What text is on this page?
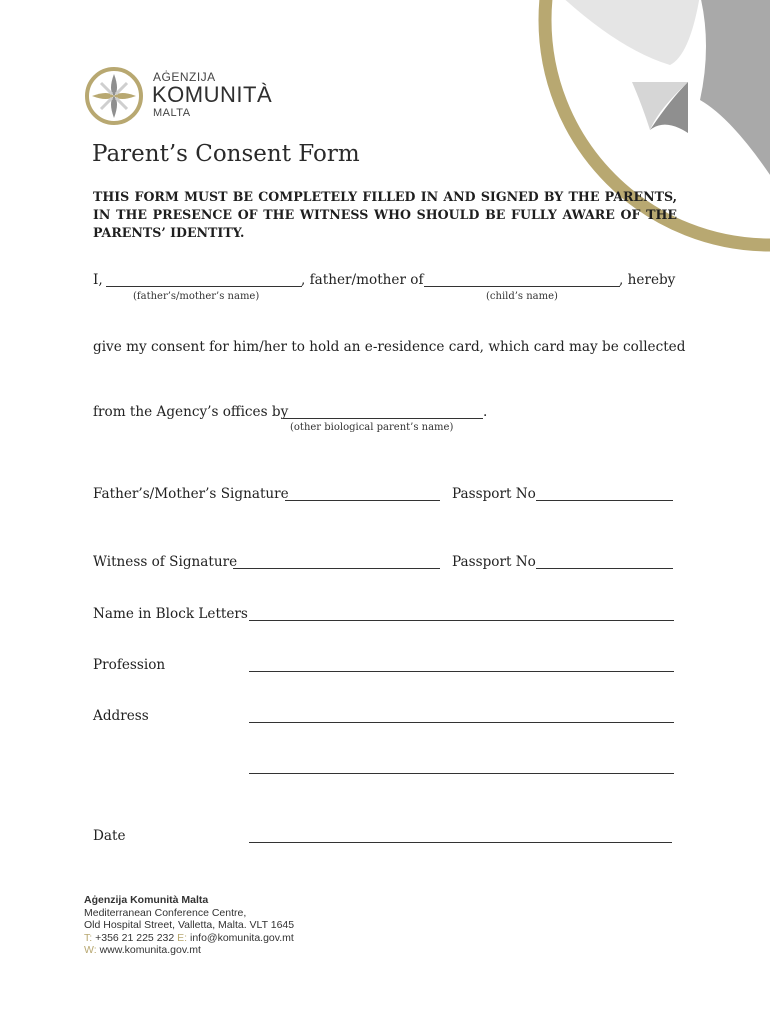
AĠENZIJA
KOMUNITÀ
MALTA
Parent’s Consent Form
THIS FORM MUST BE COMPLETELY FILLED IN AND SIGNED BY THE PARENTS, IN THE PRESENCE OF THE WITNESS WHO SHOULD BE FULLY AWARE OF THE PARENTS’ IDENTITY.
I,	, father/mother of	, hereby
(father’s/mother’s name)	(child’s name)
give my consent for him/her to hold an e-residence card, which card may be collected
from the Agency’s offices by	.
(other biological parent’s name)
Father’s/Mother’s Signature	Passport No
Witness of Signature	Passport No
Name in Block Letters
Profession
Address
Date
Aġenzija Komunità Malta
Mediterranean Conference Centre,
Old Hospital Street, Valletta, Malta. VLT 1645
T: +356 21 225 232 E: info@komunita.gov.mt
W: www.komunita.gov.mt
